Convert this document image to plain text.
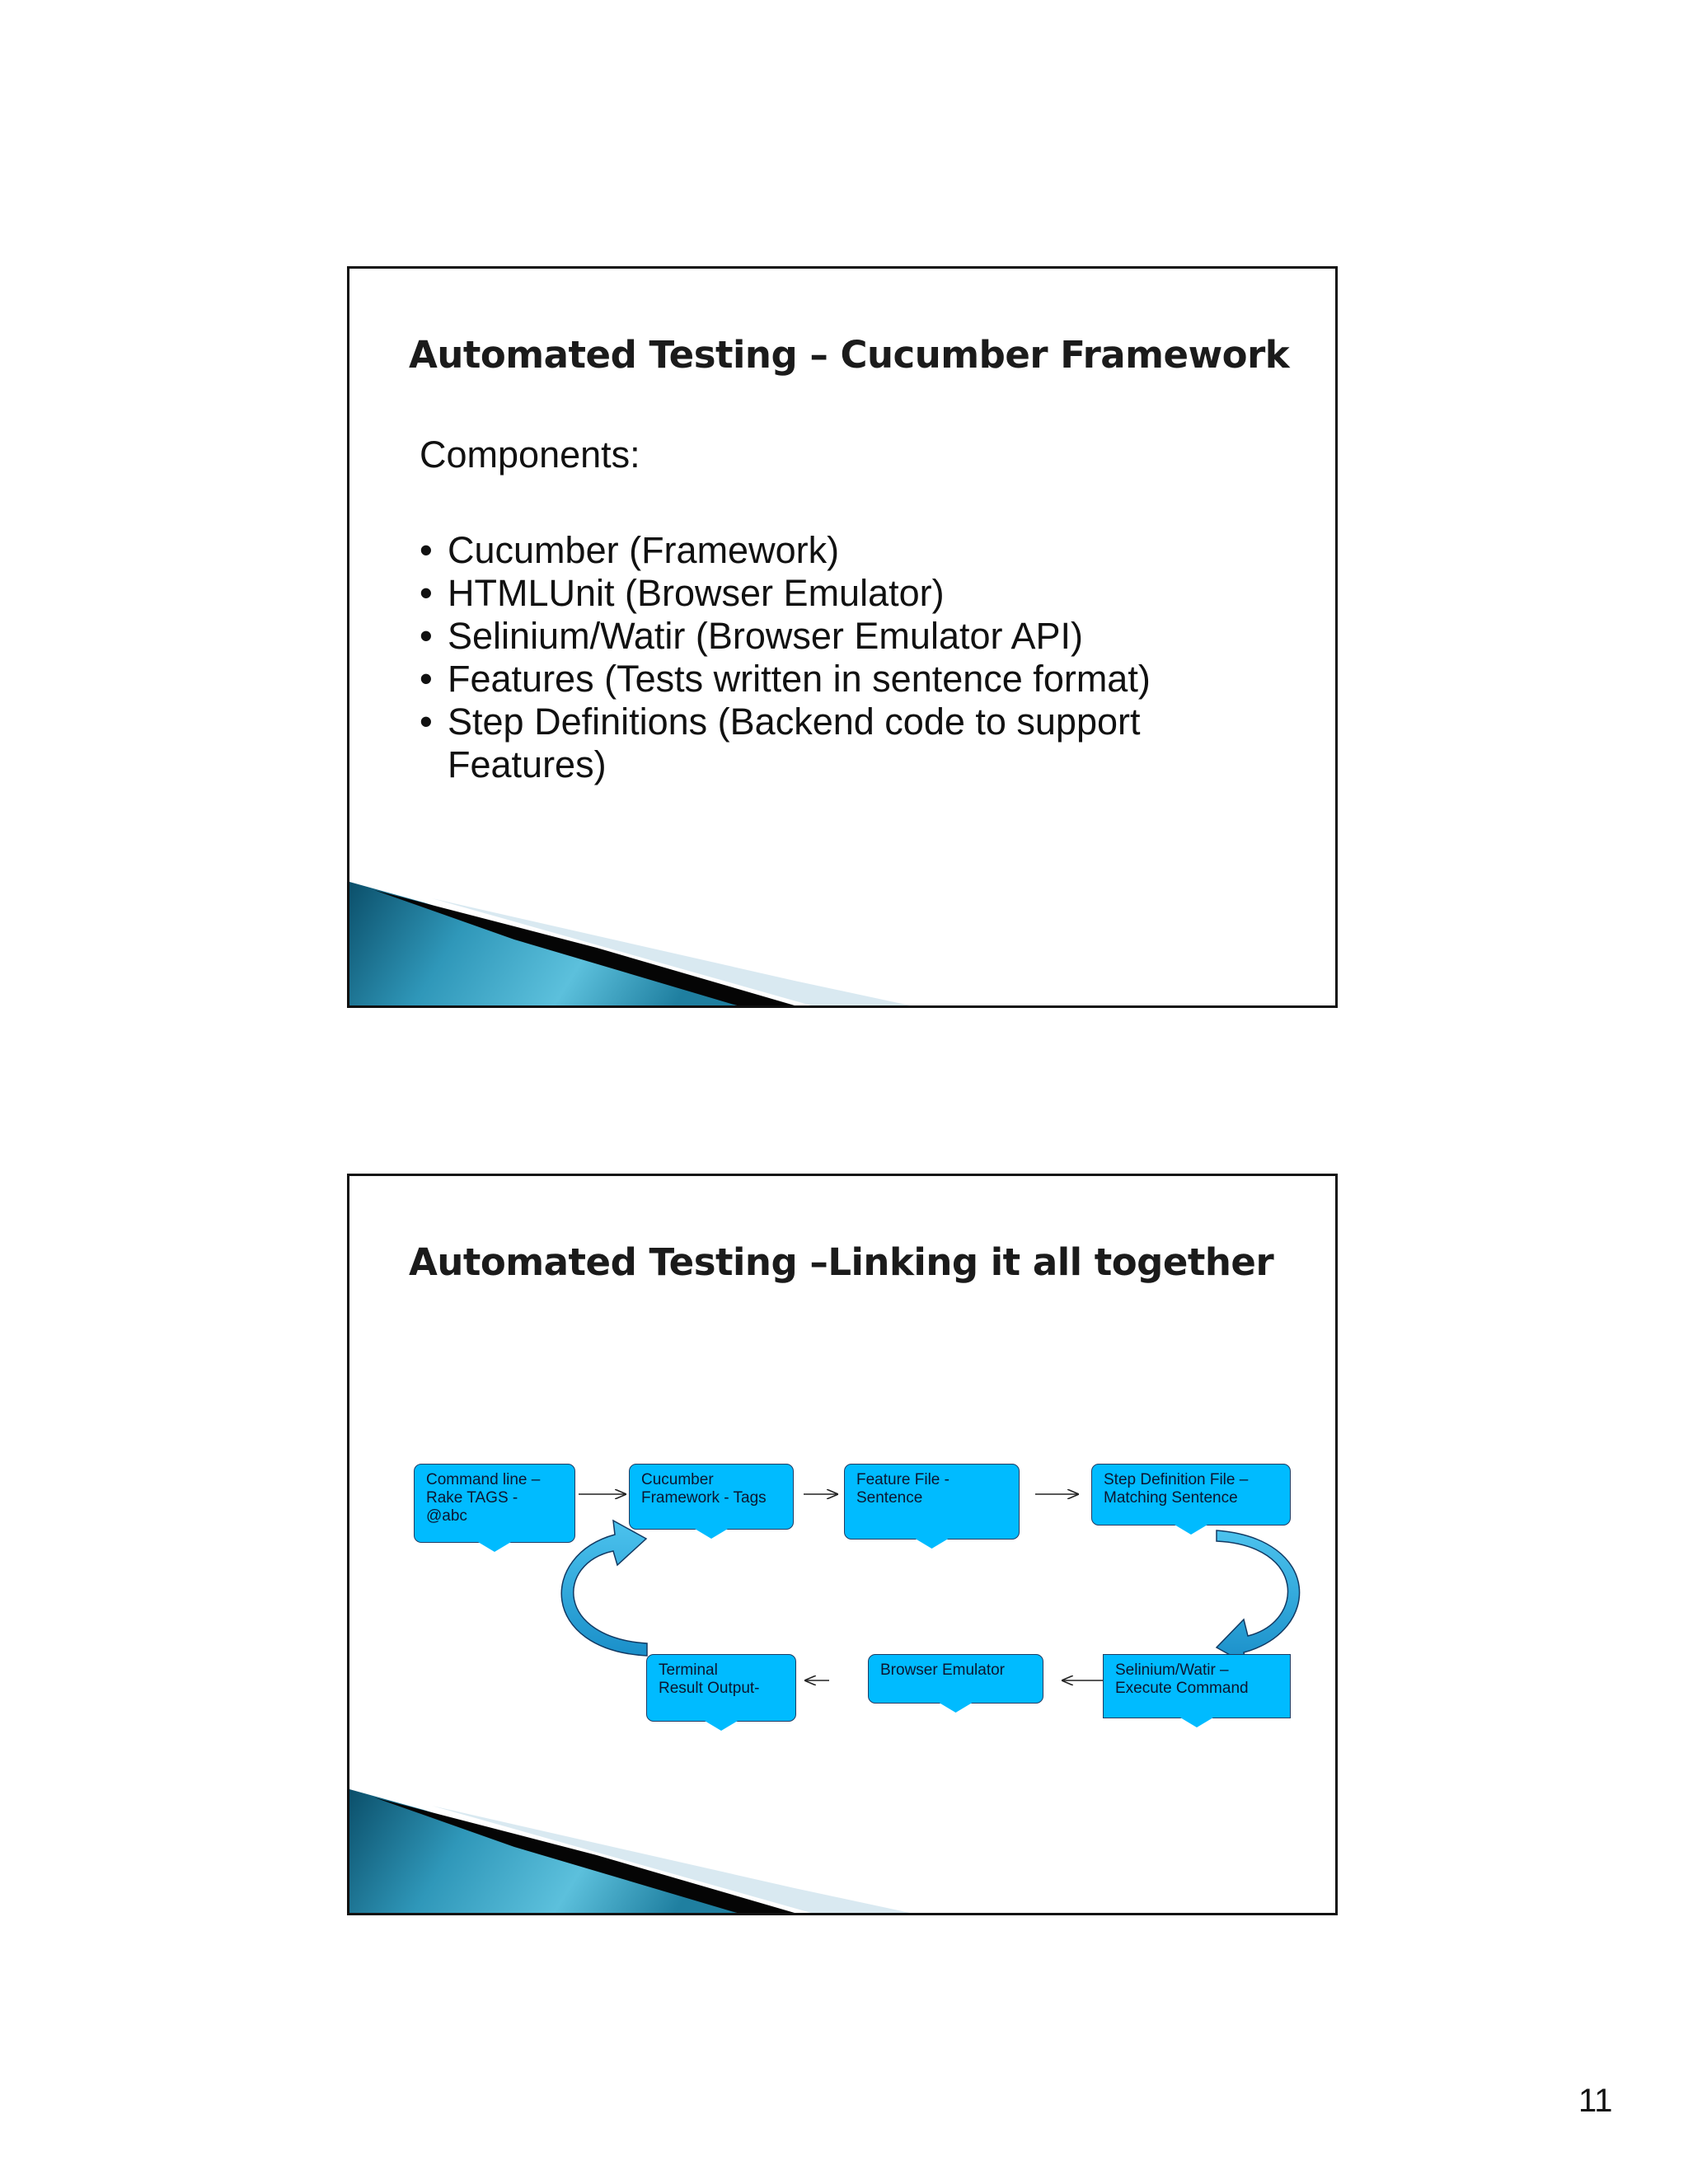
Automated Testing – Cucumber Framework
Components:
• Cucumber (Framework)
• HTMLUnit (Browser Emulator)
• Selinium/Watir (Browser Emulator API)
• Features (Tests written in sentence format)
• Step Definitions (Backend code to support Features)
Automated Testing –Linking it all together
Command line –
Rake TAGS -
@abc
Cucumber
Framework - Tags
Feature File -
Sentence
Step Definition File –
Matching Sentence
Selinium/Watir –
Execute Command
Browser Emulator
Terminal
Result Output-
11
